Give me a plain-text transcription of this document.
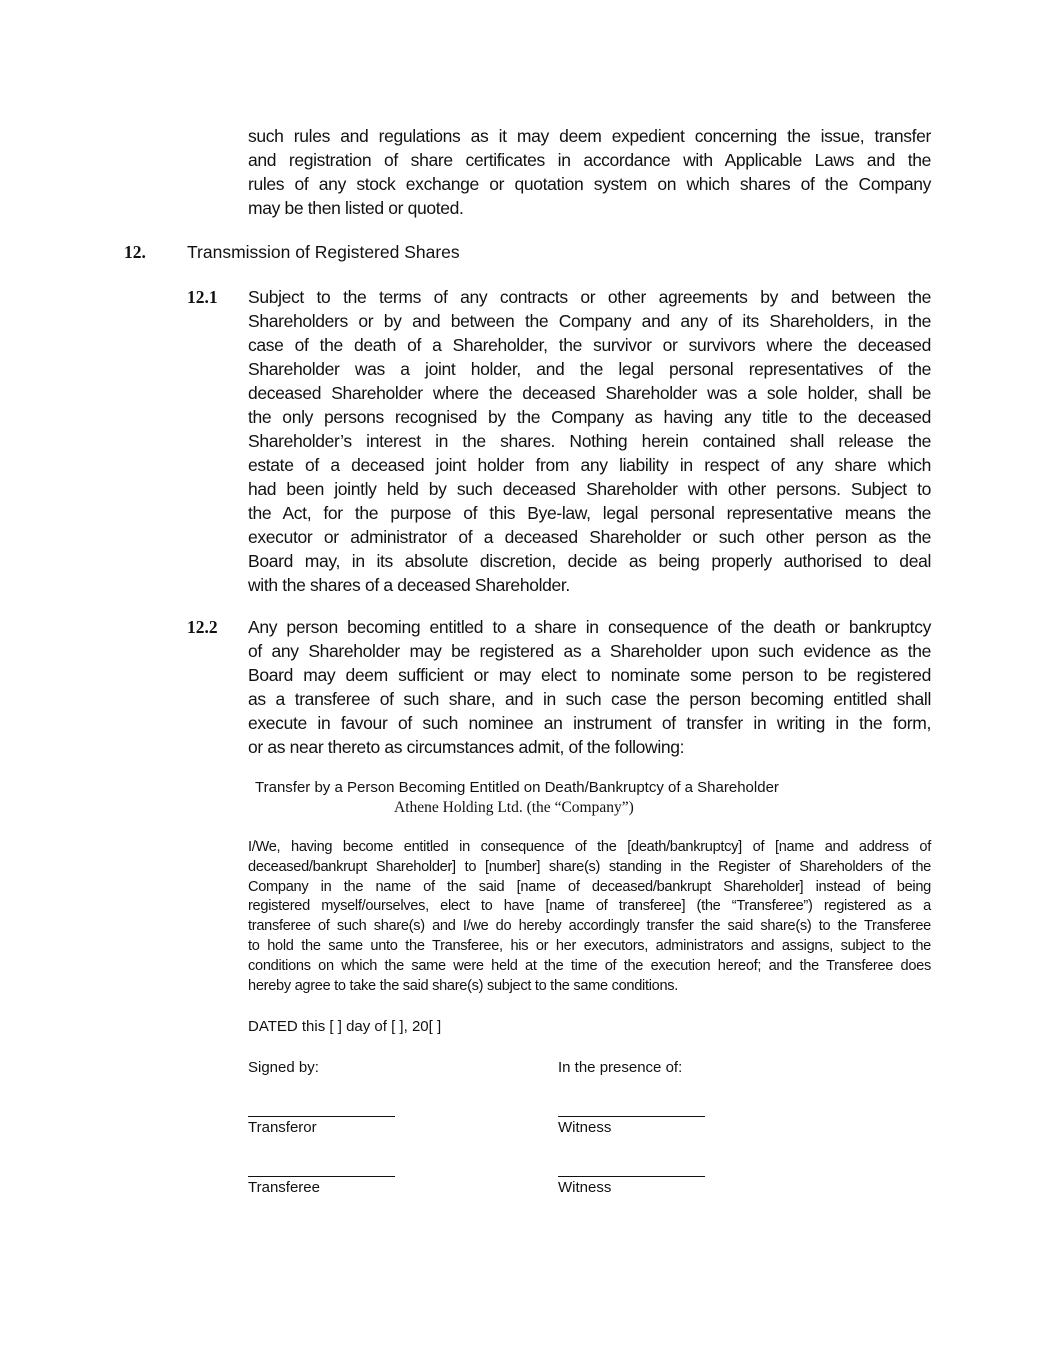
such rules and regulations as it may deem expedient concerning the issue, transfer
and registration of share certificates in accordance with Applicable Laws and the
rules of any stock exchange or quotation system on which shares of the Company
may be then listed or quoted.
12. Transmission of Registered Shares
12.1 Subject to the terms of any contracts or other agreements by and between the
Shareholders or by and between the Company and any of its Shareholders, in the
case of the death of a Shareholder, the survivor or survivors where the deceased
Shareholder was a joint holder, and the legal personal representatives of the
deceased Shareholder where the deceased Shareholder was a sole holder, shall be
the only persons recognised by the Company as having any title to the deceased
Shareholder’s interest in the shares. Nothing herein contained shall release the
estate of a deceased joint holder from any liability in respect of any share which
had been jointly held by such deceased Shareholder with other persons. Subject to
the Act, for the purpose of this Bye-law, legal personal representative means the
executor or administrator of a deceased Shareholder or such other person as the
Board may, in its absolute discretion, decide as being properly authorised to deal
with the shares of a deceased Shareholder.
12.2 Any person becoming entitled to a share in consequence of the death or bankruptcy
of any Shareholder may be registered as a Shareholder upon such evidence as the
Board may deem sufficient or may elect to nominate some person to be registered
as a transferee of such share, and in such case the person becoming entitled shall
execute in favour of such nominee an instrument of transfer in writing in the form,
or as near thereto as circumstances admit, of the following:
Transfer by a Person Becoming Entitled on Death/Bankruptcy of a Shareholder
Athene Holding Ltd. (the “Company”)
I/We, having become entitled in consequence of the [death/bankruptcy] of [name and address of
deceased/bankrupt Shareholder] to [number] share(s) standing in the Register of Shareholders of the
Company in the name of the said [name of deceased/bankrupt Shareholder] instead of being
registered myself/ourselves, elect to have [name of transferee] (the “Transferee”) registered as a
transferee of such share(s) and I/we do hereby accordingly transfer the said share(s) to the Transferee
to hold the same unto the Transferee, his or her executors, administrators and assigns, subject to the
conditions on which the same were held at the time of the execution hereof; and the Transferee does
hereby agree to take the said share(s) subject to the same conditions.
DATED this [ ] day of [ ], 20[ ]
Signed by:	In the presence of:
Transferor	Witness
Transferee	Witness
